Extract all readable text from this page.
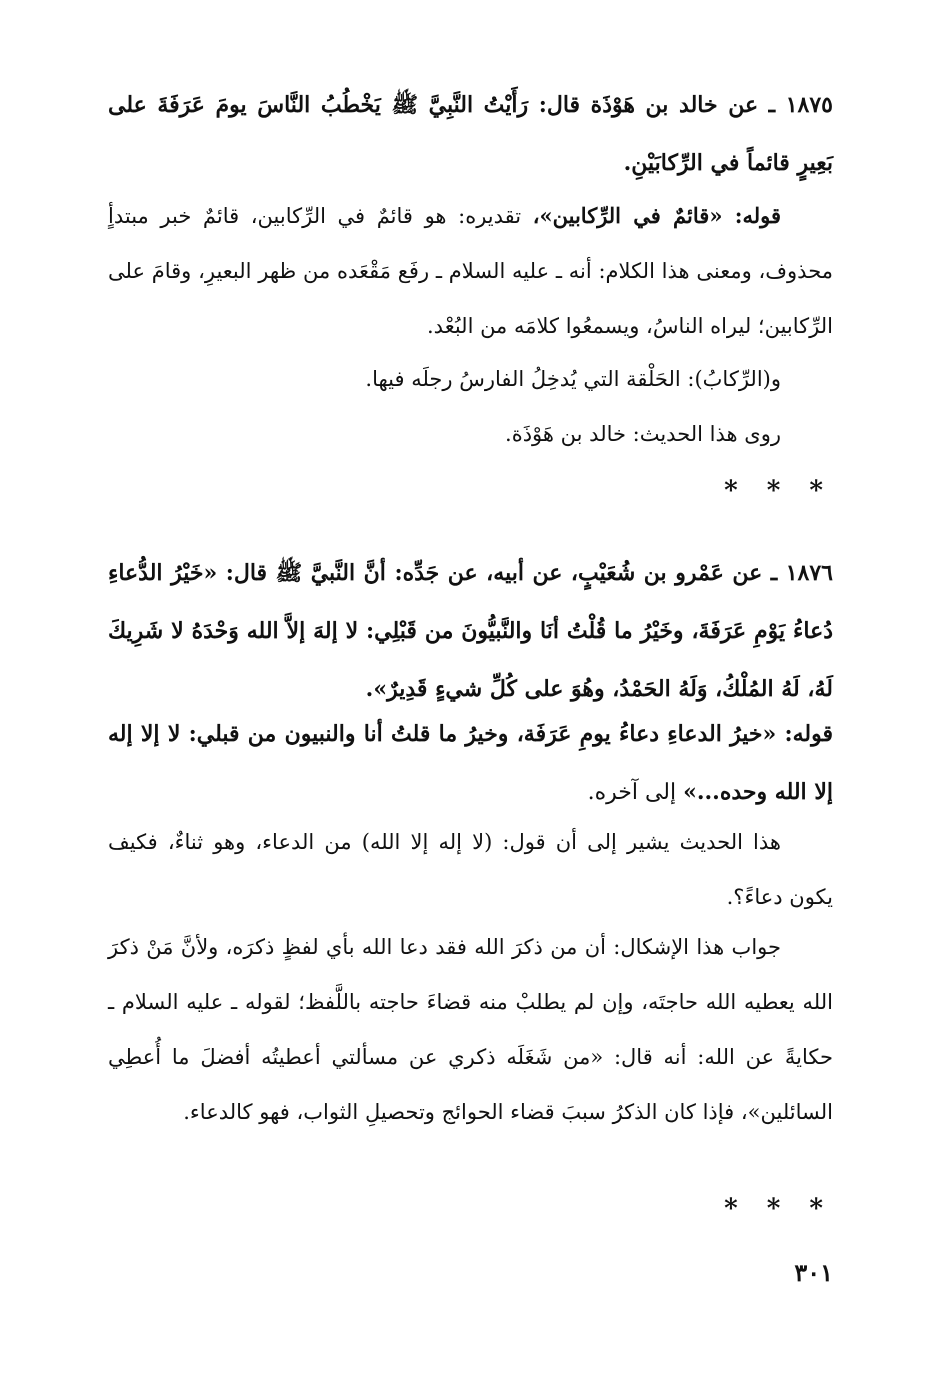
١٨٧٥ ـ عن خالد بن هَوْذَة قال: رَأَيْتُ النَّبِيَّ ﷺ يَخْطُبُ النَّاسَ يومَ عَرَفَةَ على بَعِيرٍ قائماً في الرِّكابَيْنِ.
قوله: «قائمٌ في الرِّكابين»، تقديره: هو قائمٌ في الرِّكابين، قائمٌ خبر مبتدأٍ محذوف، ومعنى هذا الكلام: أنه ـ عليه السلام ـ رفَع مَقْعَده من ظهر البعيرِ، وقامَ على الرِّكابين؛ ليراه الناسُ، ويسمعُوا كلامَه من البُعْد.
و(الرِّكابُ): الحَلْقة التي يُدخِلُ الفارسُ رجلَه فيها.
روى هذا الحديث: خالد بن هَوْذَة.
* * *
١٨٧٦ ـ عن عَمْرو بن شُعَيْبٍ، عن أبيه، عن جَدِّه: أنَّ النَّبيَّ ﷺ قال: «خَيْرُ الدُّعاءِ دُعاءُ يَوْمِ عَرَفَةَ، وخَيْرُ ما قُلْتُ أنَا والنَّبيُّونَ من قَبْلِي: لا إلهَ إلاَّ الله وَحْدَهُ لا شَرِيكَ لَهُ، لَهُ المُلْكُ، وَلَهُ الحَمْدُ، وهُوَ على كُلِّ شيءٍ قَدِيرٌ».
قوله: «خيرُ الدعاءِ دعاءُ يومِ عَرَفَة، وخيرُ ما قلتُ أنا والنبيون من قبلي: لا إلا إله إلا الله وحده...» إلى آخره.
هذا الحديث يشير إلى أن قول: (لا إله إلا الله) من الدعاء، وهو ثناءٌ، فكيف يكون دعاءً؟.
جواب هذا الإشكال: أن من ذكرَ الله فقد دعا الله بأي لفظٍ ذكرَه، ولأنَّ مَنْ ذكرَ الله يعطيه الله حاجتَه، وإن لم يطلبْ منه قضاءَ حاجته باللَّفظ؛ لقوله ـ عليه السلام ـ حكايةً عن الله: أنه قال: «من شَغَلَه ذكري عن مسألتي أعطيتُه أفضلَ ما أُعطِي السائلين»، فإذا كان الذكرُ سببَ قضاء الحوائج وتحصيلِ الثواب، فهو كالدعاء.
* * *
٣٠١
